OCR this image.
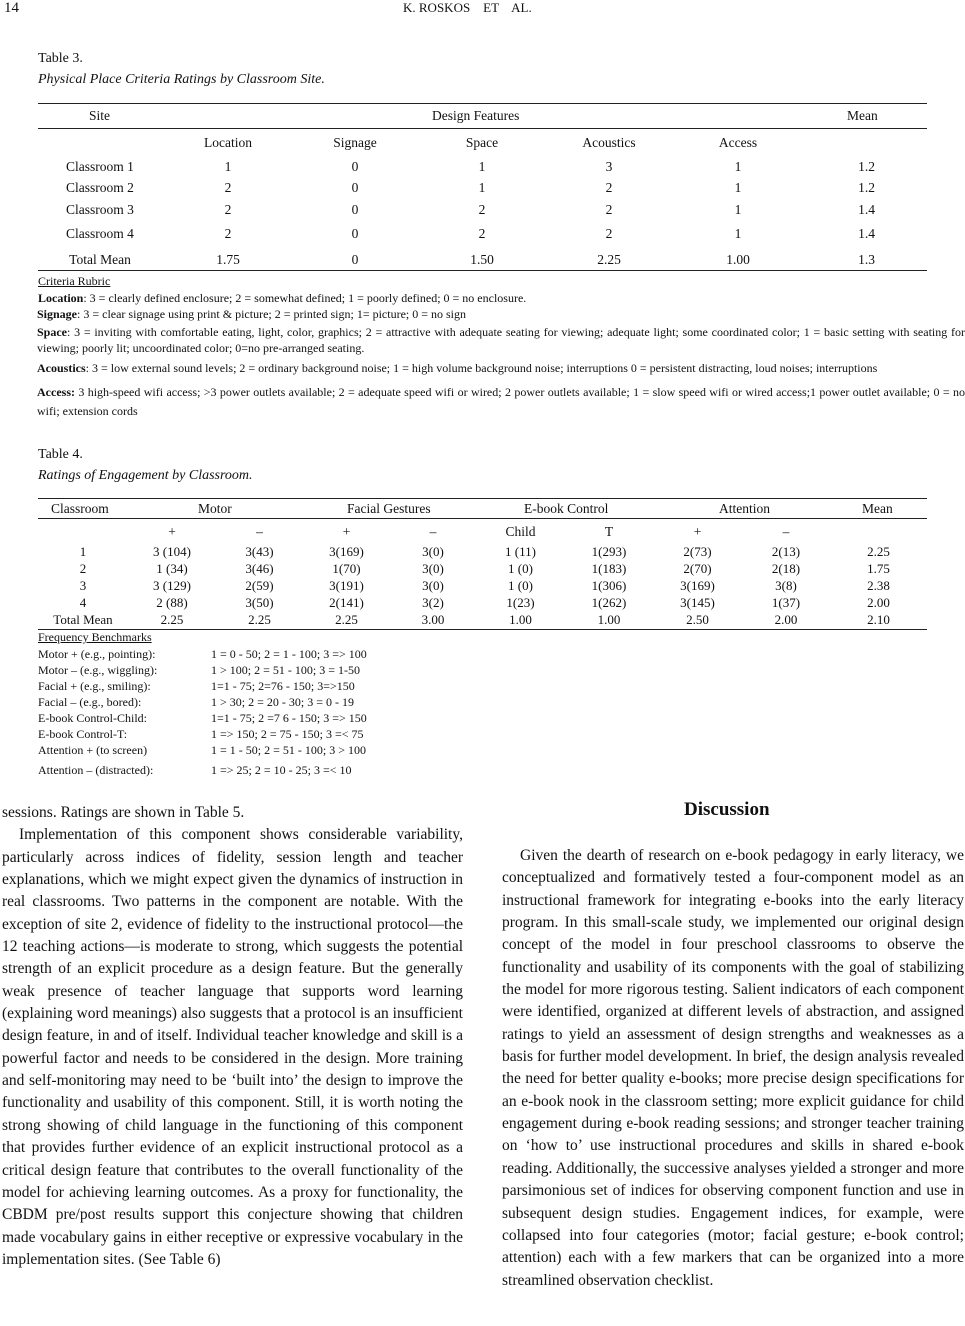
14	K. ROSKOS    ET    AL.
Table 3.
Physical Place Criteria Ratings by Classroom Site.
Site	Design Features	Mean
	Location	Signage	Space	Acoustics	Access	
Classroom 1	1	0	1	3	1	1.2
Classroom 2	2	0	1	2	1	1.2
Classroom 3	2	0	2	2	1	1.4
Classroom 4	2	0	2	2	1	1.4
Total Mean	1.75	0	1.50	2.25	1.00	1.3
Criteria Rubric
Location: 3 = clearly defined enclosure; 2 = somewhat defined; 1 = poorly defined; 0 = no enclosure.
Signage: 3 = clear signage using print & picture; 2 = printed sign; 1= picture; 0 = no sign
Space: 3 = inviting with comfortable eating, light, color, graphics; 2 = attractive with adequate seating for viewing; adequate light; some coordinated color; 1 = basic setting with seating for viewing; poorly lit; uncoordinated color; 0=no pre-arranged seating.
Acoustics: 3 = low external sound levels; 2 = ordinary background noise; 1 = high volume background noise; interruptions 0 = persistent distracting, loud noises; interruptions
Access: 3 high-speed wifi access; >3 power outlets available; 2 = adequate speed wifi or wired; 2 power outlets available; 1 = slow speed wifi or wired access;1 power outlet available; 0 = no wifi; extension cords
Table 4.
Ratings of Engagement by Classroom.
Classroom	Motor	Facial Gestures	E-book Control	Attention	Mean
	+	–	+	–	Child	T	+	–	
1	3 (104)	3(43)	3(169)	3(0)	1 (11)	1(293)	2(73)	2(13)	2.25
2	1 (34)	3(46)	1(70)	3(0)	1 (0)	1(183)	2(70)	2(18)	1.75
3	3 (129)	2(59)	3(191)	3(0)	1 (0)	1(306)	3(169)	3(8)	2.38
4	2 (88)	3(50)	2(141)	3(2)	1(23)	1(262)	3(145)	1(37)	2.00
Total Mean	2.25	2.25	2.25	3.00	1.00	1.00	2.50	2.00	2.10
Frequency Benchmarks
Motor + (e.g., pointing):	1 = 0 - 50; 2 = 1 - 100; 3 => 100
Motor – (e.g., wiggling):	1 > 100; 2 = 51 - 100; 3 = 1-50
Facial + (e.g., smiling):	1=1 - 75; 2=76 - 150; 3=>150
Facial – (e.g., bored):	1 > 30; 2 = 20 - 30; 3 = 0 - 19
E-book Control-Child:	1=1 - 75; 2 =7 6 - 150; 3 => 150
E-book Control-T:	1 => 150; 2 = 75 - 150; 3 =< 75
Attention + (to screen)	1 = 1 - 50; 2 = 51 - 100; 3 > 100
Attention – (distracted):	1 => 25; 2 = 10 - 25; 3 =< 10

sessions. Ratings are shown in Table 5.

Implementation of this component shows considerable variability, particularly across indices of fidelity, session length and teacher explanations, which we might expect given the dynamics of instruction in real classrooms. Two patterns in the component are notable. With the exception of site 2, evidence of fidelity to the instructional protocol—the 12 teaching actions—is moderate to strong, which suggests the potential strength of an explicit procedure as a design feature. But the generally weak presence of teacher language that supports word learning (explaining word meanings) also suggests that a protocol is an insufficient design feature, in and of itself. Individual teacher knowledge and skill is a powerful factor and needs to be considered in the design. More training and self-monitoring may need to be ‘built into’ the design to improve the functionality and usability of this component. Still, it is worth noting the strong showing of child language in the functioning of this component that provides further evidence of an explicit instructional protocol as a critical design feature that contributes to the overall functionality of the model for achieving learning outcomes. As a proxy for functionality, the CBDM pre/post results support this conjecture showing that children made vocabulary gains in either receptive or expressive vocabulary in the implementation sites. (See Table 6)

Discussion

Given the dearth of research on e-book pedagogy in early literacy, we conceptualized and formatively tested a four-component model as an instructional framework for integrating e-books into the early literacy program. In this small-scale study, we implemented our original design concept of the model in four preschool classrooms to observe the functionality and usability of its components with the goal of stabilizing the model for more rigorous testing. Salient indicators of each component were identified, organized at different levels of abstraction, and assigned ratings to yield an assessment of design strengths and weaknesses as a basis for further model development. In brief, the design analysis revealed the need for better quality e-books; more precise design specifications for an e-book nook in the classroom setting; more explicit guidance for child engagement during e-book reading sessions; and stronger teacher training on ‘how to’ use instructional procedures and skills in shared e-book reading. Additionally, the successive analyses yielded a stronger and more parsimonious set of indices for observing component function and use in subsequent design studies. Engagement indices, for example, were collapsed into four categories (motor; facial gesture; e-book control; attention) each with a few markers that can be organized into a more streamlined observation checklist.
